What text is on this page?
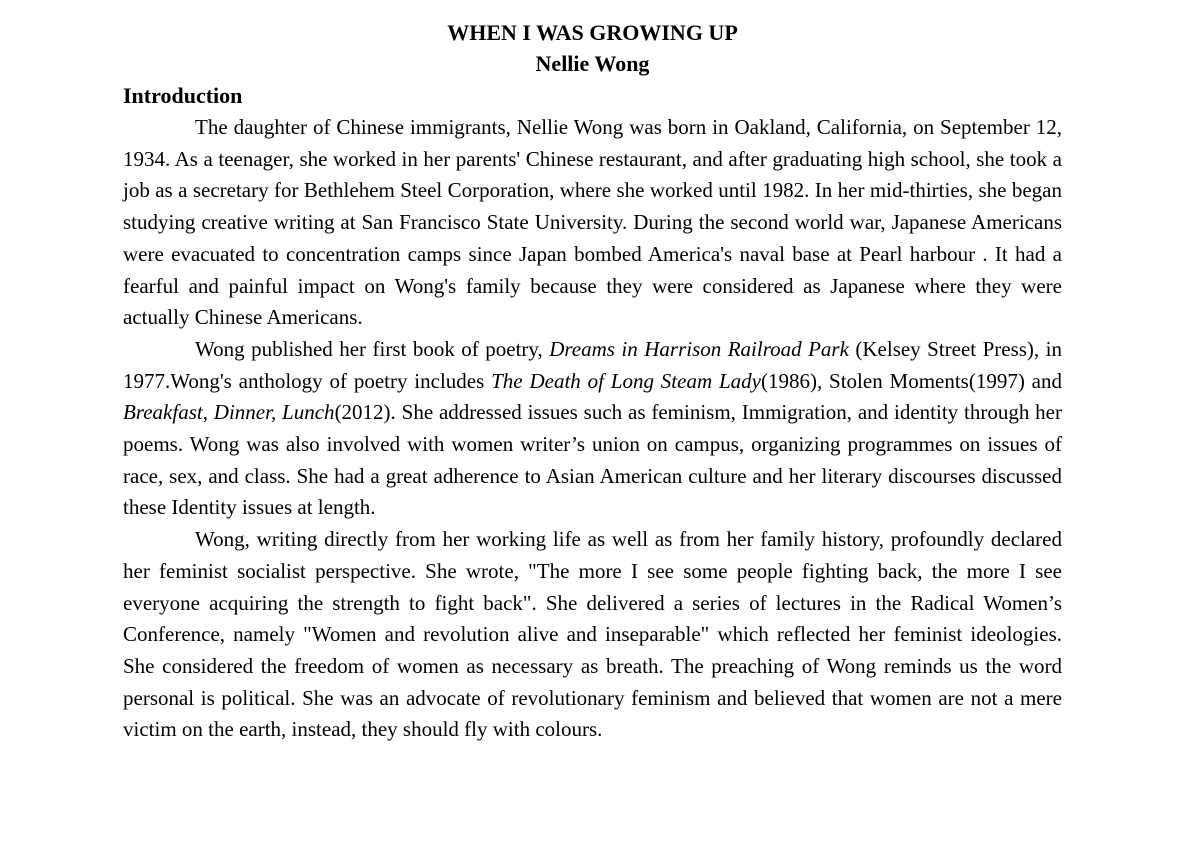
WHEN I WAS GROWING UP
Nellie Wong
Introduction

The daughter of Chinese immigrants, Nellie Wong was born in Oakland, California, on September 12, 1934. As a teenager, she worked in her parents' Chinese restaurant, and after graduating high school, she took a job as a secretary for Bethlehem Steel Corporation, where she worked until 1982. In her mid-thirties, she began studying creative writing at San Francisco State University. During the second world war, Japanese Americans were evacuated to concentration camps since Japan bombed America's naval base at Pearl harbour . It had a fearful and painful impact on Wong's family because they were considered as Japanese where they were actually Chinese Americans.

Wong published her first book of poetry, Dreams in Harrison Railroad Park (Kelsey Street Press), in 1977.Wong's anthology of poetry includes The Death of Long Steam Lady(1986), Stolen Moments(1997) and Breakfast, Dinner, Lunch(2012). She addressed issues such as feminism, Immigration, and identity through her poems. Wong was also involved with women writer’s union on campus, organizing programmes on issues of race, sex, and class. She had a great adherence to Asian American culture and her literary discourses discussed these Identity issues at length.

Wong, writing directly from her working life as well as from her family history, profoundly declared her feminist socialist perspective. She wrote, "The more I see some people fighting back, the more I see everyone acquiring the strength to fight back". She delivered a series of lectures in the Radical Women’s Conference, namely "Women and revolution alive and inseparable" which reflected her feminist ideologies. She considered the freedom of women as necessary as breath. The preaching of Wong reminds us the word personal is political. She was an advocate of revolutionary feminism and believed that women are not a mere victim on the earth, instead, they should fly with colours.
